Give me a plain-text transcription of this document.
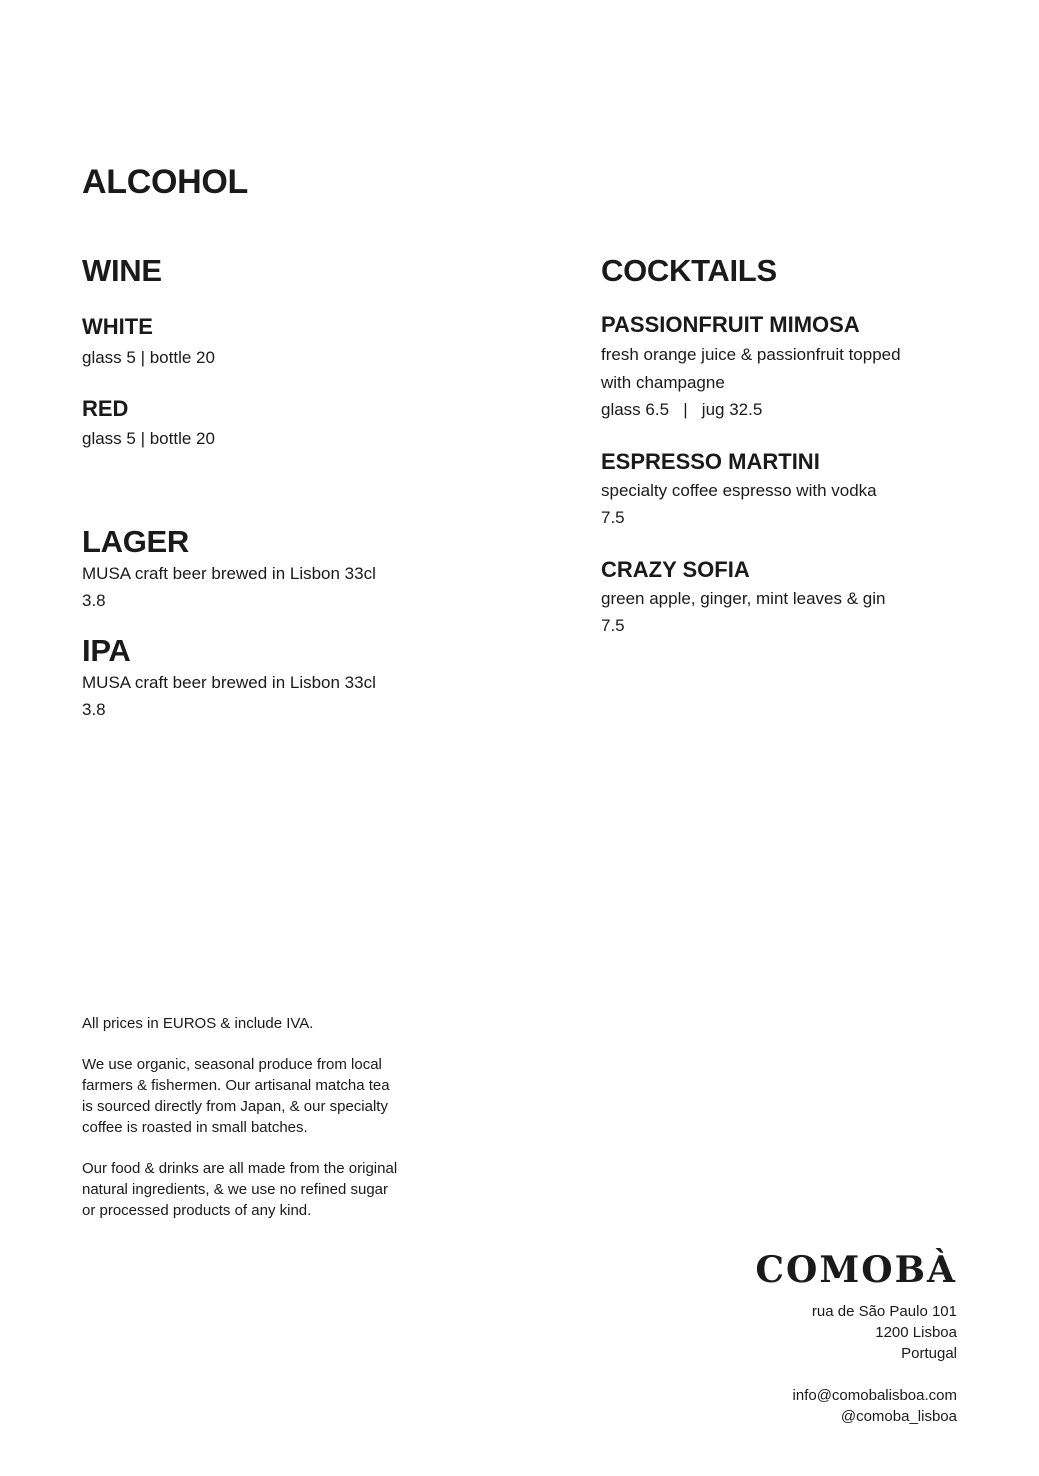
ALCOHOL
WINE
WHITE
glass 5 | bottle 20
RED
glass 5 | bottle 20
LAGER
MUSA craft beer brewed in Lisbon 33cl
3.8
IPA
MUSA craft beer brewed in Lisbon 33cl
3.8
COCKTAILS
PASSIONFRUIT MIMOSA
fresh orange juice & passionfruit topped
with champagne
glass 6.5   |   jug 32.5
ESPRESSO MARTINI
specialty coffee espresso with vodka
7.5
CRAZY SOFIA
green apple, ginger, mint leaves & gin
7.5
All prices in EUROS & include IVA.
We use organic, seasonal produce from local
farmers & fishermen. Our artisanal matcha tea
is sourced directly from Japan, & our specialty
coffee is roasted in small batches.
Our food & drinks are all made from the original
natural ingredients, & we use no refined sugar
or processed products of any kind.
COMOBÀ
rua de São Paulo 101
1200 Lisboa
Portugal
info@comobalisboa.com
@comoba_lisboa
